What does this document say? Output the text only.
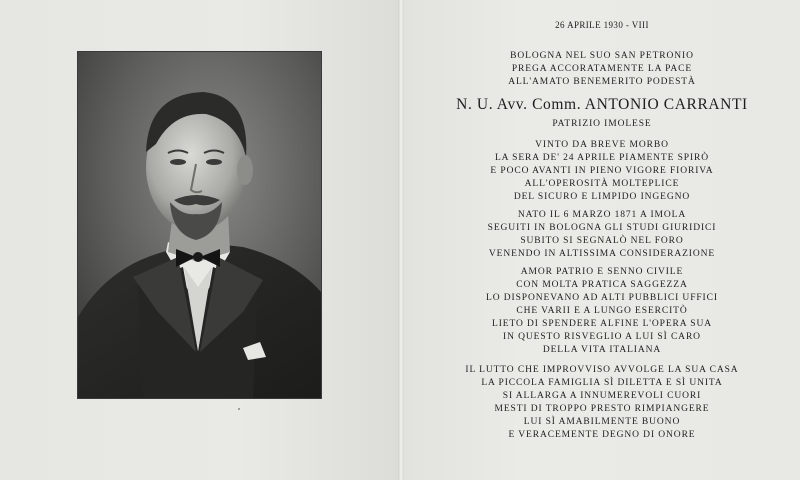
26 APRILE 1930 - VIII
BOLOGNA NEL SUO SAN PETRONIO
PREGA ACCORATAMENTE LA PACE
ALL'AMATO BENEMERITO PODESTÀ
N. U. Avv. Comm. ANTONIO CARRANTI
PATRIZIO IMOLESE
VINTO DA BREVE MORBO
LA SERA DE' 24 APRILE PIAMENTE SPIRÒ
E POCO AVANTI IN PIENO VIGORE FIORIVA
ALL'OPEROSITÀ MOLTEPLICE
DEL SICURO E LIMPIDO INGEGNO
NATO IL 6 MARZO 1871 A IMOLA
SEGUITI IN BOLOGNA GLI STUDI GIURIDICI
SUBITO SI SEGNALÒ NEL FORO
VENENDO IN ALTISSIMA CONSIDERAZIONE
AMOR PATRIO E SENNO CIVILE
CON MOLTA PRATICA SAGGEZZA
LO DISPONEVANO AD ALTI PUBBLICI UFFICI
CHE VARII E A LUNGO ESERCITÒ
LIETO DI SPENDERE ALFINE L'OPERA SUA
IN QUESTO RISVEGLIO A LUI SÌ CARO
DELLA VITA ITALIANA
IL LUTTO CHE IMPROVVISO AVVOLGE LA SUA CASA
LA PICCOLA FAMIGLIA SÌ DILETTA E SÌ UNITA
SI ALLARGA A INNUMEREVOLI CUORI
MESTI DI TROPPO PRESTO RIMPIANGERE
LUI SÌ AMABILMENTE BUONO
E VERACEMENTE DEGNO DI ONORE
